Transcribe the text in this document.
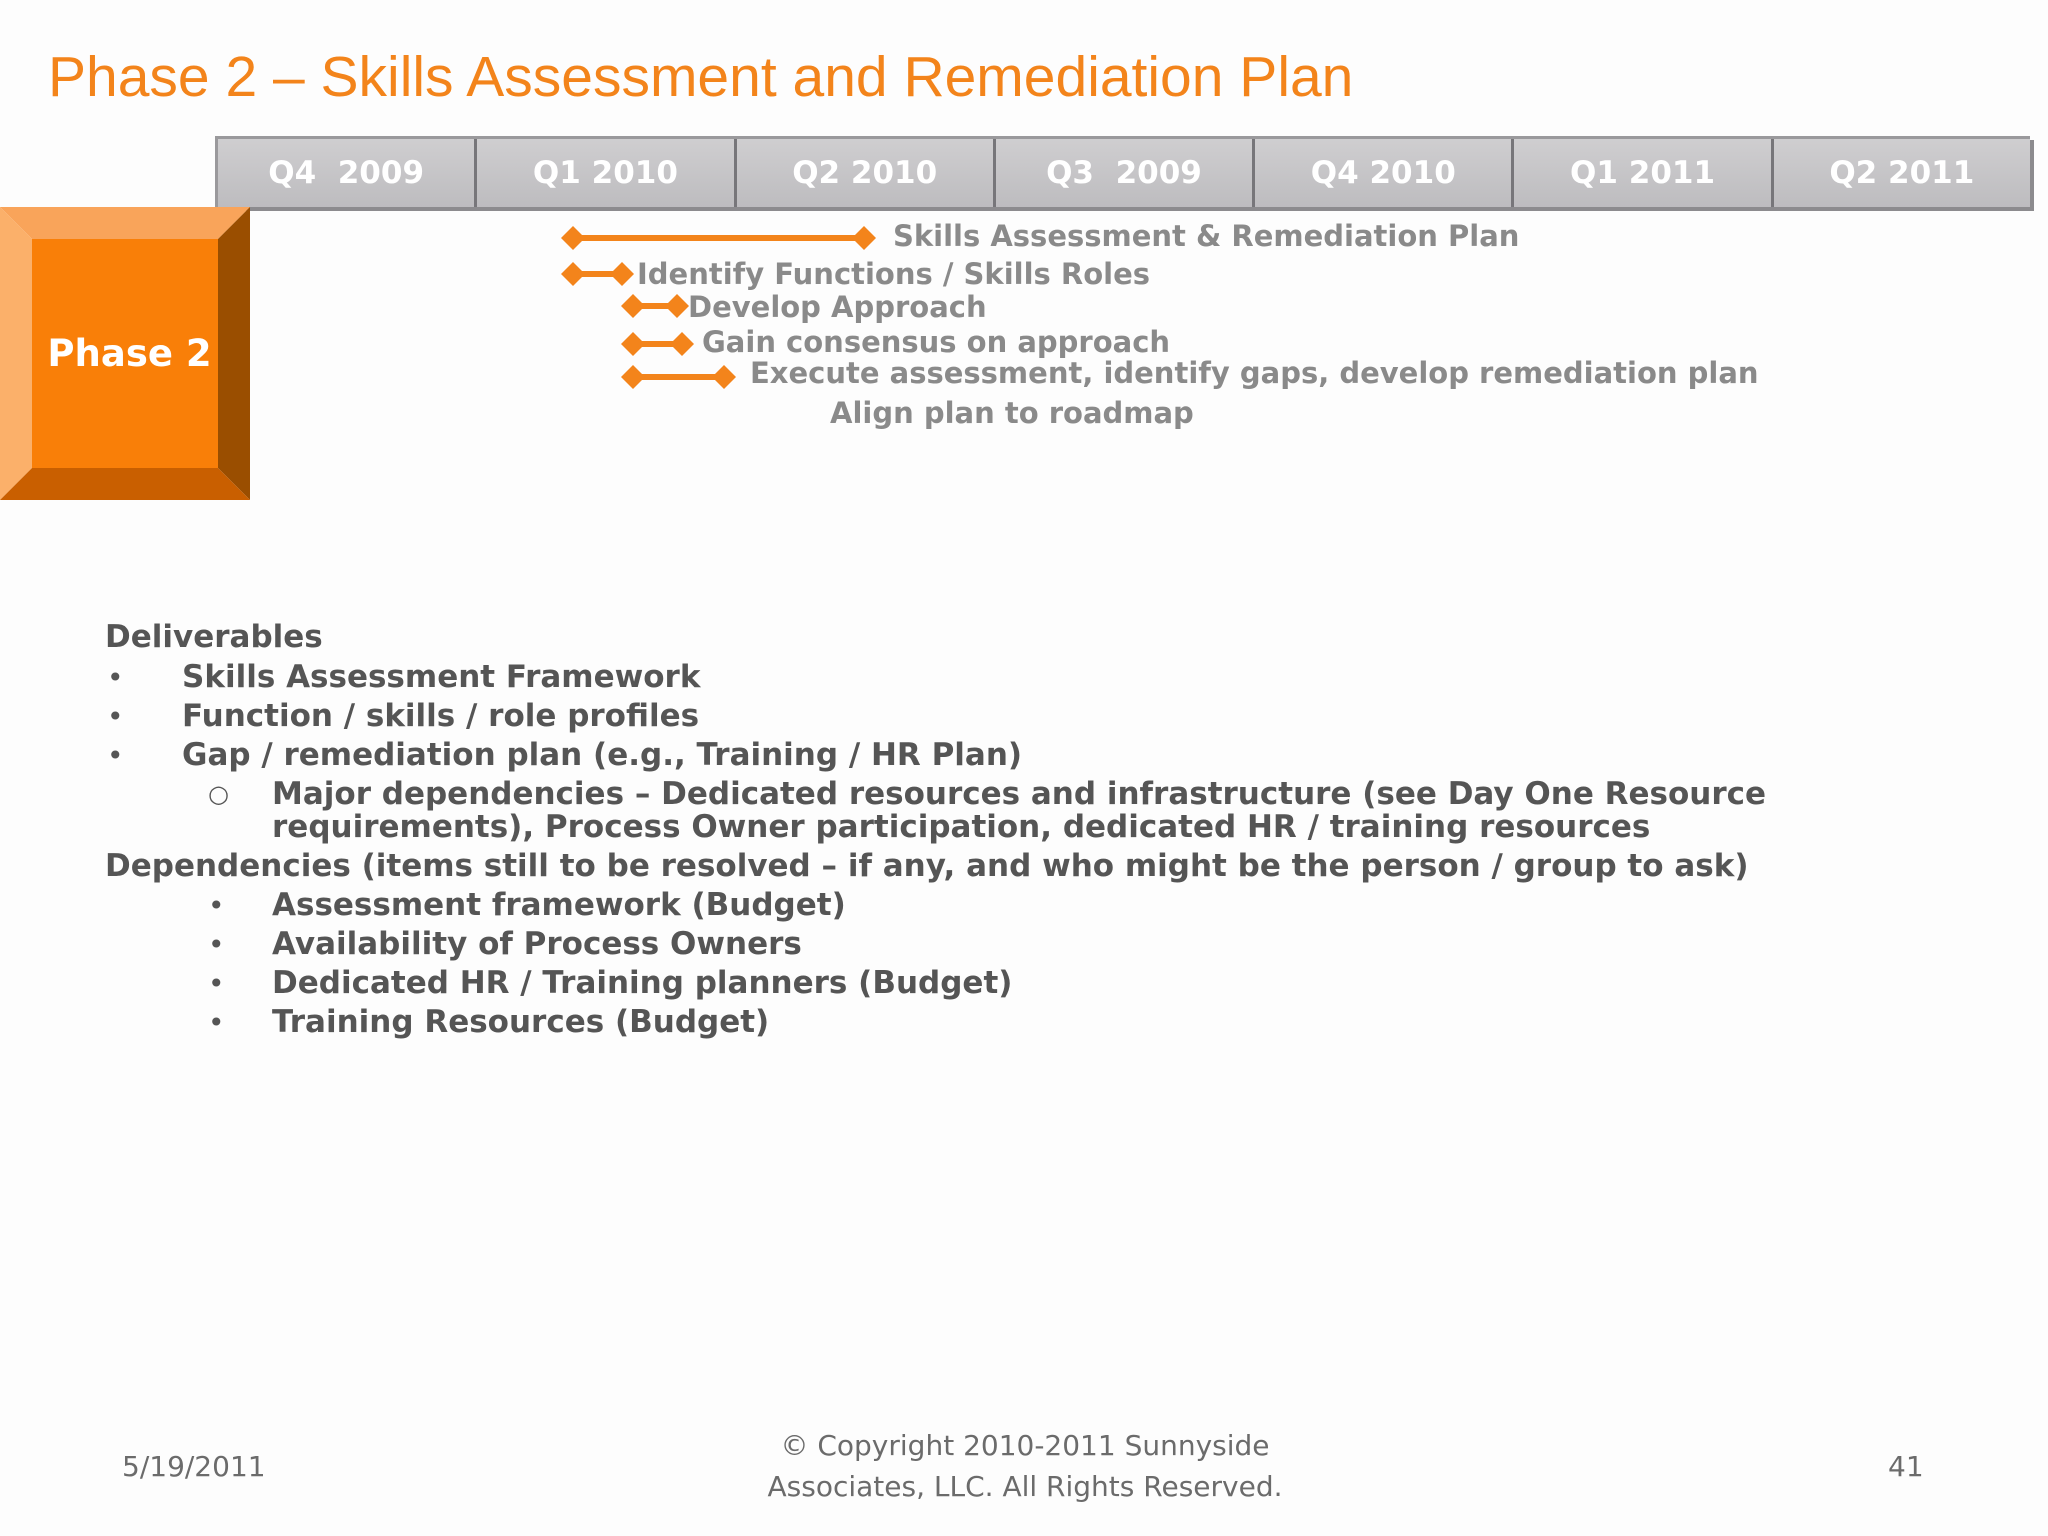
Phase 2 – Skills Assessment and Remediation Plan
Q4  2009	Q1 2010	Q2 2010	Q3  2009	Q4 2010	Q1 2011	Q2 2011
Phase 2
Skills Assessment & Remediation Plan
Identify Functions / Skills Roles
Develop Approach
Gain consensus on approach
Execute assessment, identify gaps, develop remediation plan
Align plan to roadmap
Deliverables
• Skills Assessment Framework
• Function / skills / role profiles
• Gap / remediation plan (e.g., Training / HR Plan)
○ Major dependencies – Dedicated resources and infrastructure (see Day One Resource
requirements), Process Owner participation, dedicated HR / training resources
Dependencies (items still to be resolved – if any, and who might be the person / group to ask)
• Assessment framework (Budget)
• Availability of Process Owners
• Dedicated HR / Training planners (Budget)
• Training Resources (Budget)
5/19/2011
© Copyright 2010-2011 Sunnyside
Associates, LLC. All Rights Reserved.
41
